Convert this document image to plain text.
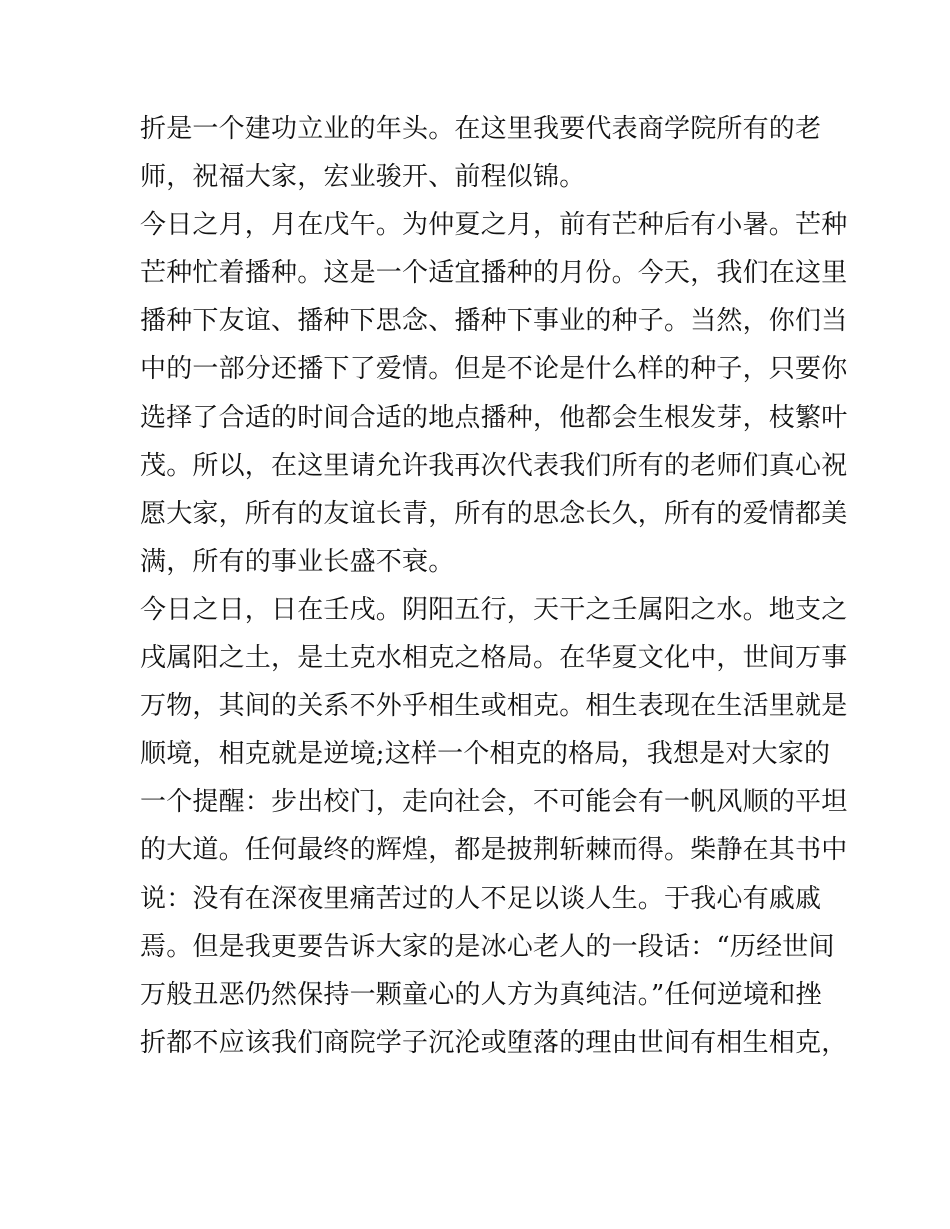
折是一个建功立业的年头。在这里我要代表商学院所有的老
师，祝福大家，宏业骏开、前程似锦。
今日之月，月在戊午。为仲夏之月，前有芒种后有小暑。芒种
芒种忙着播种。这是一个适宜播种的月份。今天，我们在这里
播种下友谊、播种下思念、播种下事业的种子。当然，你们当
中的一部分还播下了爱情。但是不论是什么样的种子，只要你
选择了合适的时间合适的地点播种，他都会生根发芽，枝繁叶
茂。所以，在这里请允许我再次代表我们所有的老师们真心祝
愿大家，所有的友谊长青，所有的思念长久，所有的爱情都美
满，所有的事业长盛不衰。
今日之日，日在壬戌。阴阳五行，天干之壬属阳之水。地支之
戌属阳之土，是土克水相克之格局。在华夏文化中，世间万事
万物，其间的关系不外乎相生或相克。相生表现在生活里就是
顺境，相克就是逆境;这样一个相克的格局，我想是对大家的
一个提醒：步出校门，走向社会，不可能会有一帆风顺的平坦
的大道。任何最终的辉煌，都是披荆斩棘而得。柴静在其书中
说：没有在深夜里痛苦过的人不足以谈人生。于我心有戚戚
焉。但是我更要告诉大家的是冰心老人的一段话：“历经世间
万般丑恶仍然保持一颗童心的人方为真纯洁。”任何逆境和挫
折都不应该我们商院学子沉沦或堕落的理由世间有相生相克，
